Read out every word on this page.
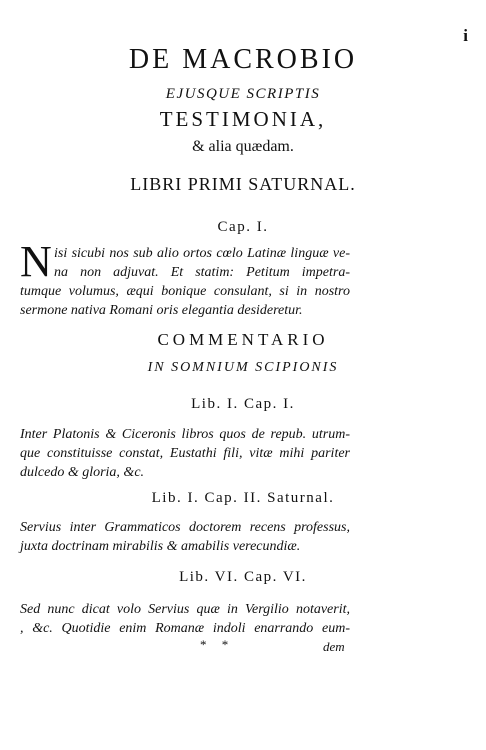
i
DE MACROBIO
EJUSQUE SCRIPTIS
TESTIMONIA,
& alia quædam.
LIBRI PRIMI SATURNAL.
Cap. I.
N isi sicubi nos sub alio ortos cœlo Latinæ linguæ ve-
na non adjuvat. Et statim: Petitum impetra-
tumque volumus, æqui bonique consulant, si in nostro
sermone nativa Romani oris elegantia desideretur.
COMMENTARIO
IN SOMNIUM SCIPIONIS
Lib. I. Cap. I.
Inter Platonis & Ciceronis libros quos de repub. utrum-
que constituisse constat, Eustathi fili, vitæ mihi pariter
dulcedo & gloria, &c.
Lib. I. Cap. II. Saturnal.
Servius inter Grammaticos doctorem recens professus,
juxta doctrinam mirabilis & amabilis verecundiæ.
Lib. VI. Cap. VI.
Sed nunc dicat volo Servius quæ in Vergilio notaverit,
, &c. Quotidie enim Romanæ indoli enarrando eum-
* *	dem
